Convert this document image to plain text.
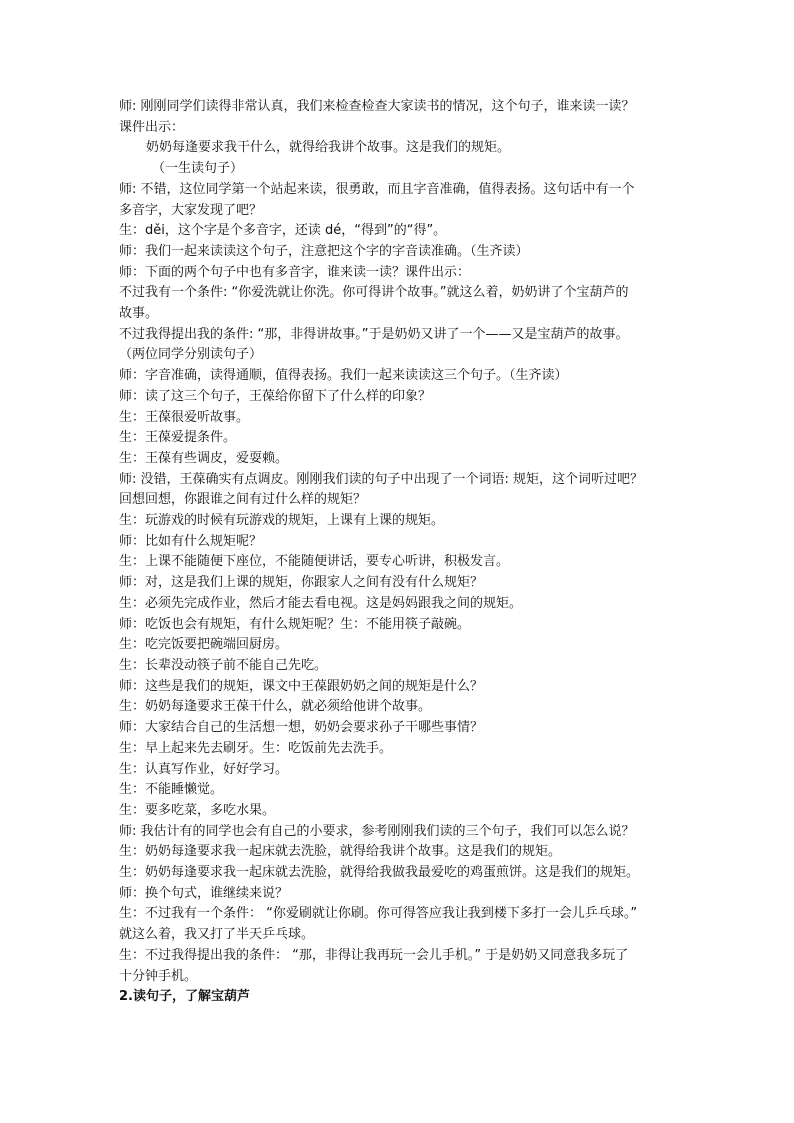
师: 刚刚同学们读得非常认真，我们来检查检查大家读书的情况，这个句子，谁来读一读？
课件出示：
奶奶每逢要求我干什么，就得给我讲个故事。这是我们的规矩。
（一生读句子）
师: 不错，这位同学第一个站起来读，很勇敢，而且字音准确，值得表扬。这句话中有一个
多音字，大家发现了吧？
生：děi，这个字是个多音字，还读 dé，“得到”的“得”。
师：我们一起来读读这个句子，注意把这个字的字音读准确。（生齐读）
师：下面的两个句子中也有多音字，谁来读一读？课件出示：
不过我有一个条件: “你爱洗就让你洗。你可得讲个故事。”就这么着，奶奶讲了个宝葫芦的
故事。
不过我得提出我的条件: “那，非得讲故事。”于是奶奶又讲了一个——又是宝葫芦的故事。
（两位同学分别读句子）
师：字音准确，读得通顺，值得表扬。我们一起来读读这三个句子。（生齐读）
师：读了这三个句子，王葆给你留下了什么样的印象？
生：王葆很爱听故事。
生：王葆爱提条件。
生：王葆有些调皮，爱耍赖。
师: 没错，王葆确实有点调皮。刚刚我们读的句子中出现了一个词语: 规矩，这个词听过吧？
回想回想，你跟谁之间有过什么样的规矩？
生：玩游戏的时候有玩游戏的规矩，上课有上课的规矩。
师：比如有什么规矩呢？
生：上课不能随便下座位，不能随便讲话，要专心听讲，积极发言。
师：对，这是我们上课的规矩，你跟家人之间有没有什么规矩？
生：必须先完成作业，然后才能去看电视。这是妈妈跟我之间的规矩。
师：吃饭也会有规矩，有什么规矩呢？生：不能用筷子敲碗。
生：吃完饭要把碗端回厨房。
生：长辈没动筷子前不能自己先吃。
师：这些是我们的规矩，课文中王葆跟奶奶之间的规矩是什么？
生：奶奶每逢要求王葆干什么，就必须给他讲个故事。
师：大家结合自己的生活想一想，奶奶会要求孙子干哪些事情？
生：早上起来先去刷牙。生：吃饭前先去洗手。
生：认真写作业，好好学习。
生：不能睡懒觉。
生：要多吃菜，多吃水果。
师: 我估计有的同学也会有自己的小要求，参考刚刚我们读的三个句子，我们可以怎么说？
生：奶奶每逢要求我一起床就去洗脸，就得给我讲个故事。这是我们的规矩。
生：奶奶每逢要求我一起床就去洗脸，就得给我做我最爱吃的鸡蛋煎饼。这是我们的规矩。
师：换个句式，谁继续来说？
生：不过我有一个条件： “你爱刷就让你刷。你可得答应我让我到楼下多打一会儿乒乓球。”
就这么着，我又打了半天乒乓球。
生：不过我得提出我的条件： “那，非得让我再玩一会儿手机。” 于是奶奶又同意我多玩了
十分钟手机。
2.读句子，了解宝葫芦
